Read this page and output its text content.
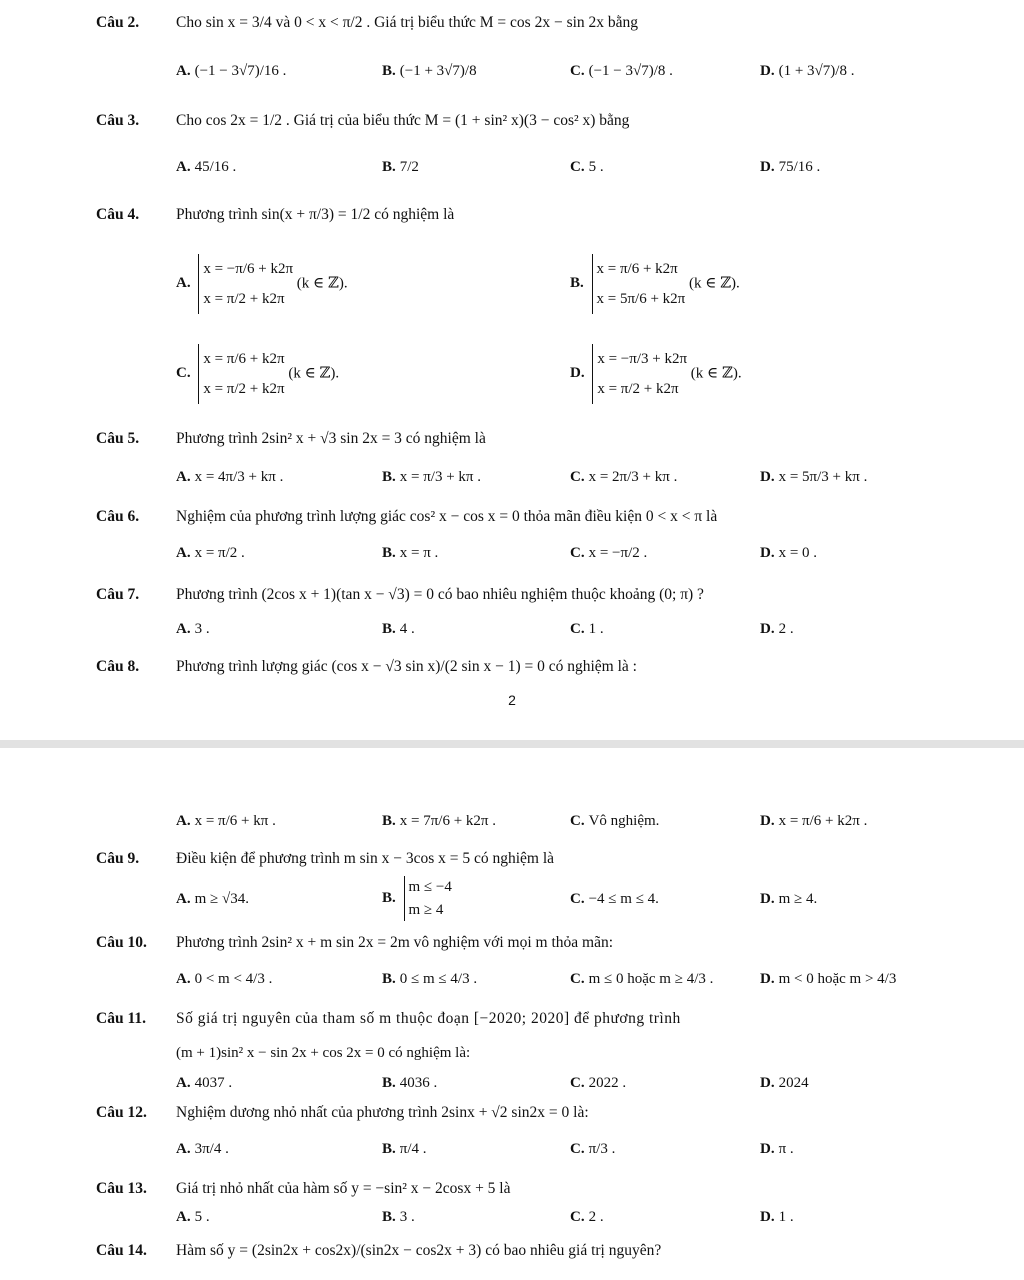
Câu 2. Cho sin x = 3/4 và 0 < x < π/2 . Giá trị biểu thức M = cos 2x − sin 2x bằng
A. (−1 − 3√7)/16 .	B. (−1 + 3√7)/8	C. (−1 − 3√7)/8 .	D. (1 + 3√7)/8 .
Câu 3. Cho cos 2x = 1/2 . Giá trị của biểu thức M = (1 + sin² x)(3 − cos² x) bằng
A. 45/16 .	B. 7/2	C. 5 .	D. 75/16 .
Câu 4. Phương trình sin(x + π/3) = 1/2 có nghiệm là
A.
x = −π/6 + k2π
x = π/2 + k2π
(k ∈ ℤ).	B.
x = π/6 + k2π
x = 5π/6 + k2π
(k ∈ ℤ).
C.
x = π/6 + k2π
x = π/2 + k2π
(k ∈ ℤ).	D.
x = −π/3 + k2π
x = π/2 + k2π
(k ∈ ℤ).
Câu 5. Phương trình 2sin² x + √3 sin 2x = 3 có nghiệm là
A. x = 4π/3 + kπ .	B. x = π/3 + kπ .	C. x = 2π/3 + kπ .	D. x = 5π/3 + kπ .
Câu 6. Nghiệm của phương trình lượng giác cos² x − cos x = 0 thỏa mãn điều kiện 0 < x < π là
A. x = π/2 .	B. x = π .	C. x = −π/2 .	D. x = 0 .
Câu 7. Phương trình (2cos x + 1)(tan x − √3) = 0 có bao nhiêu nghiệm thuộc khoảng (0; π) ?
A. 3 .	B. 4 .	C. 1 .	D. 2 .
Câu 8. Phương trình lượng giác (cos x − √3 sin x)/(2 sin x − 1) = 0 có nghiệm là :
2
A. x = π/6 + kπ .	B. x = 7π/6 + k2π .	C. Vô nghiệm.	D. x = π/6 + k2π .
Câu 9. Điều kiện để phương trình m sin x − 3cos x = 5 có nghiệm là
A. m ≥ √34.	B.
m ≤ −4
m ≥ 4
C. −4 ≤ m ≤ 4.	D. m ≥ 4.
Câu 10. Phương trình 2sin² x + m sin 2x = 2m vô nghiệm với mọi m thỏa mãn:
A. 0 < m < 4/3 .	B. 0 ≤ m ≤ 4/3 .	C. m ≤ 0 hoặc m ≥ 4/3 .	D. m < 0 hoặc m > 4/3
Câu 11. Số giá trị nguyên của tham số m thuộc đoạn [−2020; 2020] để phương trình
(m + 1)sin² x − sin 2x + cos 2x = 0 có nghiệm là:
A. 4037 .	B. 4036 .	C. 2022 .	D. 2024
Câu 12. Nghiệm dương nhỏ nhất của phương trình 2sinx + √2 sin2x = 0 là:
A. 3π/4 .	B. π/4 .	C. π/3 .	D. π .
Câu 13. Giá trị nhỏ nhất của hàm số y = −sin² x − 2cosx + 5 là
A. 5 .	B. 3 .	C. 2 .	D. 1 .
Câu 14. Hàm số y = (2sin2x + cos2x)/(sin2x − cos2x + 3) có bao nhiêu giá trị nguyên?
